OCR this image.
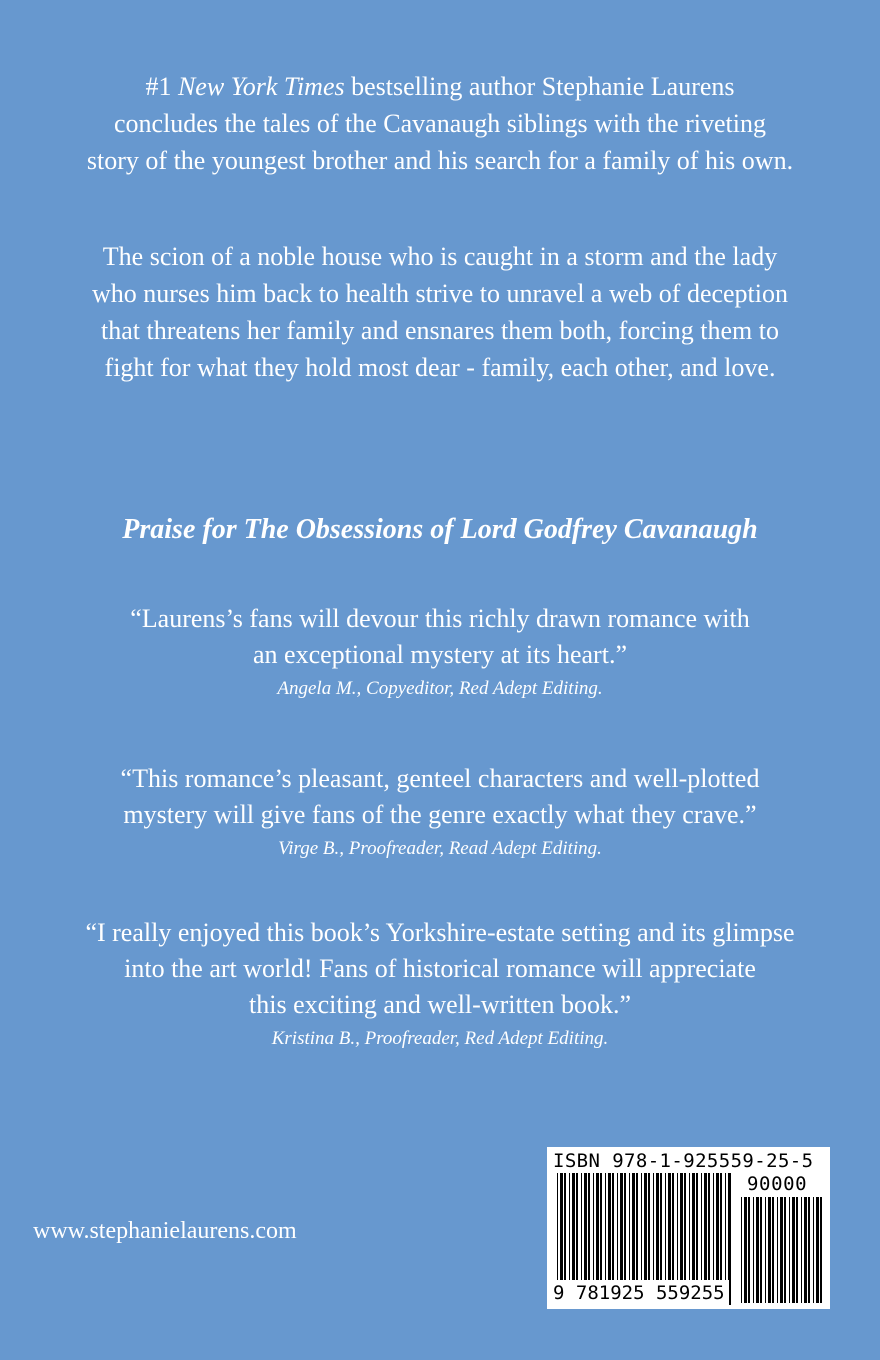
#1 New York Times bestselling author Stephanie Laurens
concludes the tales of the Cavanaugh siblings with the riveting
story of the youngest brother and his search for a family of his own.
The scion of a noble house who is caught in a storm and the lady
who nurses him back to health strive to unravel a web of deception
that threatens her family and ensnares them both, forcing them to
fight for what they hold most dear - family, each other, and love.
Praise for The Obsessions of Lord Godfrey Cavanaugh
“Laurens’s fans will devour this richly drawn romance with
an exceptional mystery at its heart.”
Angela M., Copyeditor, Red Adept Editing.
“This romance’s pleasant, genteel characters and well-plotted
mystery will give fans of the genre exactly what they crave.”
Virge B., Proofreader, Read Adept Editing.
“I really enjoyed this book’s Yorkshire-estate setting and its glimpse
into the art world! Fans of historical romance will appreciate
this exciting and well-written book.”
Kristina B., Proofreader, Red Adept Editing.
www.stephanielaurens.com
ISBN 978-1-925559-25-5
90000
9 781925 559255
